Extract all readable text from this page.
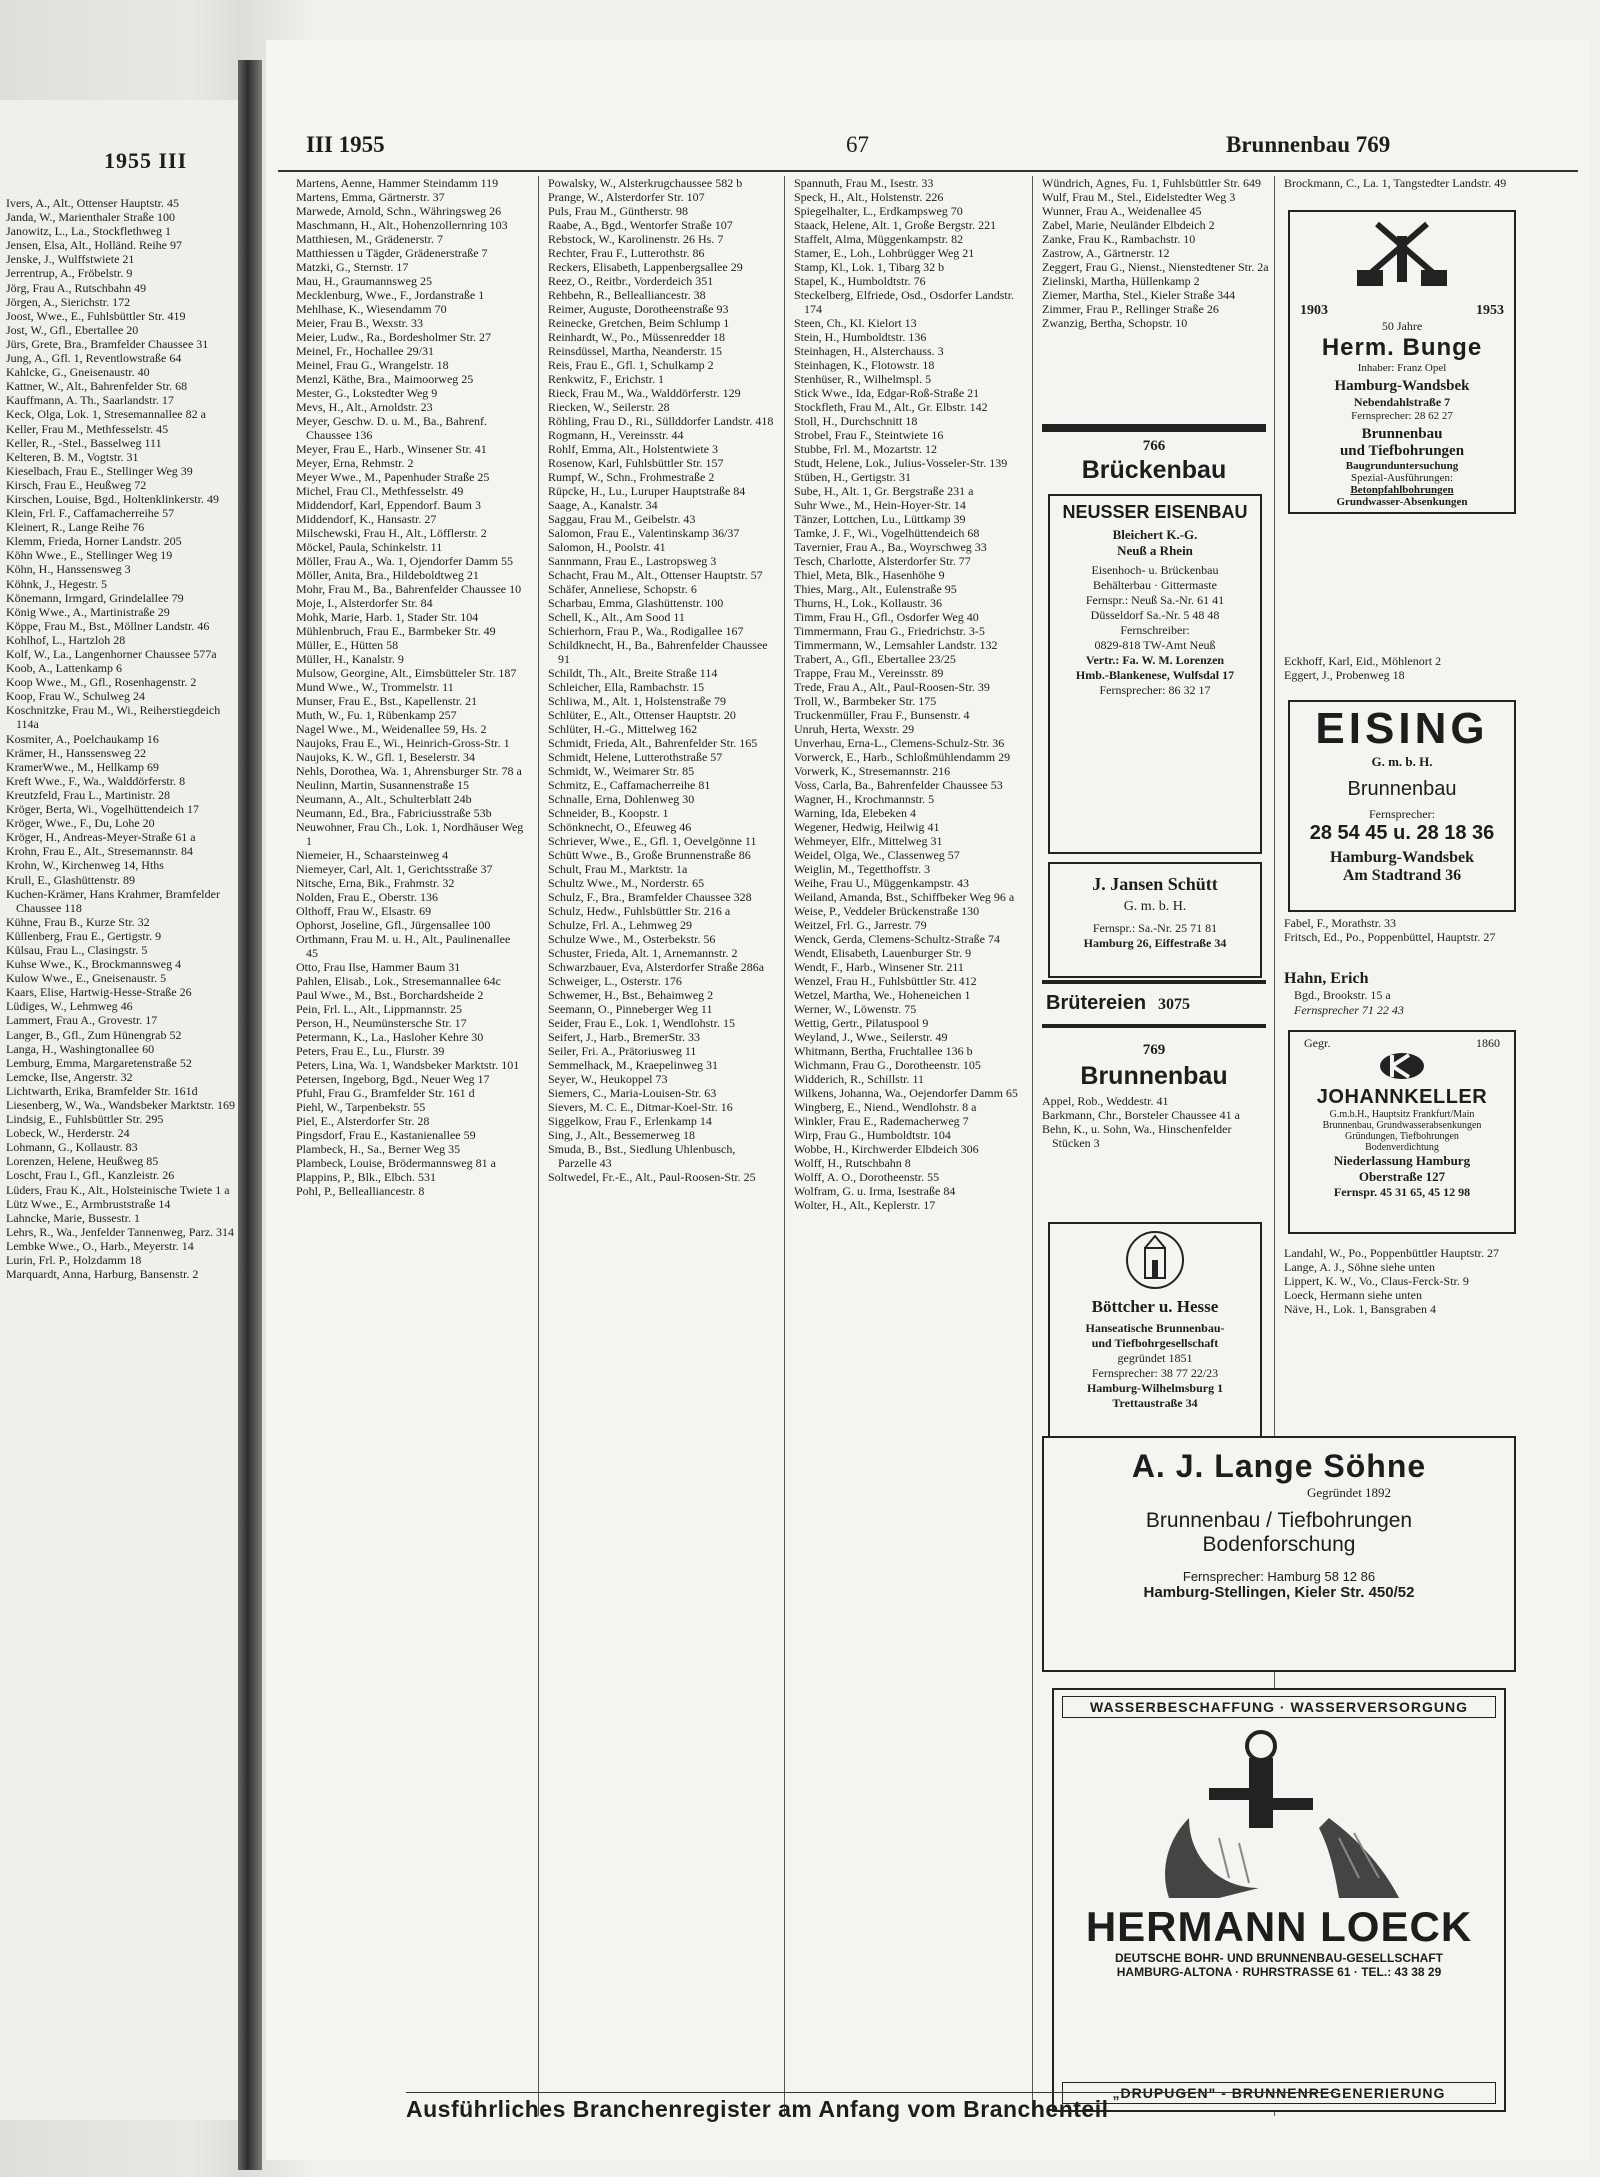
1955 III

Ivers, A., Alt., Ottenser Hauptstr. 45

Janda, W., Marienthaler Straße 100

Janowitz, L., La., Stockflethweg 1

Jensen, Elsa, Alt., Holländ. Reihe 97

Jenske, J., Wulffstwiete 21

Jerrentrup, A., Fröbelstr. 9

Jörg, Frau A., Rutschbahn 49

Jörgen, A., Sierichstr. 172

Joost, Wwe., E., Fuhlsbüttler Str. 419

Jost, W., Gfl., Ebertallee 20

Jürs, Grete, Bra., Bramfelder Chaussee 31

Jung, A., Gfl. 1, Reventlowstraße 64

Kahlcke, G., Gneisenaustr. 40

Kattner, W., Alt., Bahrenfelder Str. 68

Kauffmann, A. Th., Saarlandstr. 17

Keck, Olga, Lok. 1, Stresemannallee 82 a

Keller, Frau M., Methfesselstr. 45

Keller, R., -Stel., Basselweg 111

Kelteren, B. M., Vogtstr. 31

Kieselbach, Frau E., Stellinger Weg 39

Kirsch, Frau E., Heußweg 72

Kirschen, Louise, Bgd., Holtenklinkerstr. 49

Klein, Frl. F., Caffamacherreihe 57

Kleinert, R., Lange Reihe 76

Klemm, Frieda, Horner Landstr. 205

Köhn Wwe., E., Stellinger Weg 19

Köhn, H., Hanssensweg 3

Köhnk, J., Hegestr. 5

Könemann, Irmgard, Grindelallee 79

König Wwe., A., Martinistraße 29

Köppe, Frau M., Bst., Möllner Landstr. 46

Kohlhof, L., Hartzloh 28

Kolf, W., La., Langenhorner Chaussee 577a

Koob, A., Lattenkamp 6

Koop Wwe., M., Gfl., Rosenhagenstr. 2

Koop, Frau W., Schulweg 24

Koschnitzke, Frau M., Wi., Reiherstiegdeich 114a

Kosmiter, A., Poelchaukamp 16

Krämer, H., Hanssensweg 22

KramerWwe., M., Hellkamp 69

Kreft Wwe., F., Wa., Walddörferstr. 8

Kreutzfeld, Frau L., Martinistr. 28

Kröger, Berta, Wi., Vogelhüttendeich 17

Kröger, Wwe., F., Du, Lohe 20

Kröger, H., Andreas-Meyer-Straße 61 a

Krohn, Frau E., Alt., Stresemannstr. 84

Krohn, W., Kirchenweg 14, Hths

Krull, E., Glashüttenstr. 89

Kuchen-Krämer, Hans Krahmer, Bramfelder Chaussee 118

Kühne, Frau B., Kurze Str. 32

Küllenberg, Frau E., Gertigstr. 9

Külsau, Frau L., Clasingstr. 5

Kuhse Wwe., K., Brockmannsweg 4

Kulow Wwe., E., Gneisenaustr. 5

Kaars, Elise, Hartwig-Hesse-Straße 26

Lüdiges, W., Lehmweg 46

Lammert, Frau A., Grovestr. 17

Langer, B., Gfl., Zum Hünengrab 52

Langa, H., Washingtonallee 60

Lemburg, Emma, Margaretenstraße 52

Lemcke, Ilse, Angerstr. 32

Lichtwarth, Erika, Bramfelder Str. 161d

Liesenberg, W., Wa., Wandsbeker Marktstr. 169

Lindsig, E., Fuhlsbüttler Str. 295

Lobeck, W., Herderstr. 24

Lohmann, G., Kollaustr. 83

Lorenzen, Helene, Heußweg 85

Loscht, Frau I., Gfl., Kanzleistr. 26

Lüders, Frau K., Alt., Holsteinische Twiete 1 a

Lütz Wwe., E., Armbruststraße 14

Lahncke, Marie, Bussestr. 1

Lehrs, R., Wa., Jenfelder Tannenweg, Parz. 314

Lembke Wwe., O., Harb., Meyerstr. 14

Lurin, Frl. P., Holzdamm 18

Marquardt, Anna, Harburg, Bansenstr. 2

III 1955	67	Brunnenbau 769

Martens, Aenne, Hammer Steindamm 119

Martens, Emma, Gärtnerstr. 37

Marwede, Arnold, Schn., Währingsweg 26

Maschmann, H., Alt., Hohenzollernring 103

Matthiesen, M., Grädenerstr. 7

Matthiessen u Tägder, Grädenerstraße 7

Matzki, G., Sternstr. 17

Mau, H., Graumannsweg 25

Mecklenburg, Wwe., F., Jordanstraße 1

Mehlhase, K., Wiesendamm 70

Meier, Frau B., Wexstr. 33

Meier, Ludw., Ra., Bordesholmer Str. 27

Meinel, Fr., Hochallee 29/31

Meinel, Frau G., Wrangelstr. 18

Menzl, Käthe, Bra., Maimoorweg 25

Mester, G., Lokstedter Weg 9

Mevs, H., Alt., Arnoldstr. 23

Meyer, Geschw. D. u. M., Ba., Bahrenf. Chaussee 136

Meyer, Frau E., Harb., Winsener Str. 41

Meyer, Erna, Rehmstr. 2

Meyer Wwe., M., Papenhuder Straße 25

Michel, Frau Cl., Methfesselstr. 49

Middendorf, Karl, Eppendorf. Baum 3

Middendorf, K., Hansastr. 27

Milschewski, Frau H., Alt., Löfflerstr. 2

Möckel, Paula, Schinkelstr. 11

Möller, Frau A., Wa. 1, Ojendorfer Damm 55

Möller, Anita, Bra., Hildeboldtweg 21

Mohr, Frau M., Ba., Bahrenfelder Chaussee 10

Moje, I., Alsterdorfer Str. 84

Mohk, Marie, Harb. 1, Stader Str. 104

Mühlenbruch, Frau E., Barmbeker Str. 49

Müller, E., Hütten 58

Müller, H., Kanalstr. 9

Mulsow, Georgine, Alt., Eimsbütteler Str. 187

Mund Wwe., W., Trommelstr. 11

Munser, Frau E., Bst., Kapellenstr. 21

Muth, W., Fu. 1, Rübenkamp 257

Nagel Wwe., M., Weidenallee 59, Hs. 2

Naujoks, Frau E., Wi., Heinrich-Gross-Str. 1

Naujoks, K. W., Gfl. 1, Beselerstr. 34

Nehls, Dorothea, Wa. 1, Ahrensburger Str. 78 a

Neulinn, Martin, Susannenstraße 15

Neumann, A., Alt., Schulterblatt 24b

Neumann, Ed., Bra., Fabriciusstraße 53b

Neuwohner, Frau Ch., Lok. 1, Nordhäuser Weg 1

Niemeier, H., Schaarsteinweg 4

Niemeyer, Carl, Alt. 1, Gerichtsstraße 37

Nitsche, Erna, Bik., Frahmstr. 32

Nolden, Frau E., Oberstr. 136

Olthoff, Frau W., Elsastr. 69

Ophorst, Joseline, Gfl., Jürgensallee 100

Orthmann, Frau M. u. H., Alt., Paulinenallee 45

Otto, Frau Ilse, Hammer Baum 31

Pahlen, Elisab., Lok., Stresemannallee 64c

Paul Wwe., M., Bst., Borchardsheide 2

Pein, Frl. L., Alt., Lippmannstr. 25

Person, H., Neumünstersche Str. 17

Petermann, K., La., Hasloher Kehre 30

Peters, Frau E., Lu., Flurstr. 39

Peters, Lina, Wa. 1, Wandsbeker Marktstr. 101

Petersen, Ingeborg, Bgd., Neuer Weg 17

Pfuhl, Frau G., Bramfelder Str. 161 d

Piehl, W., Tarpenbekstr. 55

Piel, E., Alsterdorfer Str. 28

Pingsdorf, Frau E., Kastanienallee 59

Plambeck, H., Sa., Berner Weg 35

Plambeck, Louise, Brödermannsweg 81 a

Plappins, P., Blk., Elbch. 531

Pohl, P., Bellealliancestr. 8

Powalsky, W., Alsterkrugchaussee 582 b

Prange, W., Alsterdorfer Str. 107

Puls, Frau M., Güntherstr. 98

Raabe, A., Bgd., Wentorfer Straße 107

Rebstock, W., Karolinenstr. 26 Hs. 7

Rechter, Frau F., Lutterothstr. 86

Reckers, Elisabeth, Lappenbergsallee 29

Reez, O., Reitbr., Vorderdeich 351

Rehbehn, R., Bellealliancestr. 38

Reimer, Auguste, Dorotheenstraße 93

Reinecke, Gretchen, Beim Schlump 1

Reinhardt, W., Po., Müssenredder 18

Reinsdüssel, Martha, Neanderstr. 15

Reis, Frau E., Gfl. 1, Schulkamp 2

Renkwitz, F., Erichstr. 1

Rieck, Frau M., Wa., Walddörferstr. 129

Riecken, W., Seilerstr. 28

Röhling, Frau D., Ri., Süllddorfer Landstr. 418

Rogmann, H., Vereinsstr. 44

Rohlf, Emma, Alt., Holstentwiete 3

Rosenow, Karl, Fuhlsbüttler Str. 157

Rumpf, W., Schn., Frohmestraße 2

Rüpcke, H., Lu., Luruper Hauptstraße 84

Saage, A., Kanalstr. 34

Saggau, Frau M., Geibelstr. 43

Salomon, Frau E., Valentinskamp 36/37

Salomon, H., Poolstr. 41

Sannmann, Frau E., Lastropsweg 3

Schacht, Frau M., Alt., Ottenser Hauptstr. 57

Schäfer, Anneliese, Schopstr. 6

Scharbau, Emma, Glashüttenstr. 100

Schell, K., Alt., Am Sood 11

Schierhorn, Frau P., Wa., Rodigallee 167

Schildknecht, H., Ba., Bahrenfelder Chaussee 91

Schildt, Th., Alt., Breite Straße 114

Schleicher, Ella, Rambachstr. 15

Schliwa, M., Alt. 1, Holstenstraße 79

Schlüter, E., Alt., Ottenser Hauptstr. 20

Schlüter, H.-G., Mittelweg 162

Schmidt, Frieda, Alt., Bahrenfelder Str. 165

Schmidt, Helene, Lutterothstraße 57

Schmidt, W., Weimarer Str. 85

Schmitz, E., Caffamacherreihe 81

Schnalle, Erna, Dohlenweg 30

Schneider, B., Koopstr. 1

Schönknecht, O., Efeuweg 46

Schriever, Wwe., E., Gfl. 1, Oevelgönne 11

Schütt Wwe., B., Große Brunnenstraße 86

Schult, Frau M., Marktstr. 1a

Schultz Wwe., M., Norderstr. 65

Schulz, F., Bra., Bramfelder Chaussee 328

Schulz, Hedw., Fuhlsbüttler Str. 216 a

Schulze, Frl. A., Lehmweg 29

Schulze Wwe., M., Osterbekstr. 56

Schuster, Frieda, Alt. 1, Arnemannstr. 2

Schwarzbauer, Eva, Alsterdorfer Straße 286a

Schweiger, L., Osterstr. 176

Schwemer, H., Bst., Behaimweg 2

Seemann, O., Pinneberger Weg 11

Seider, Frau E., Lok. 1, Wendlohstr. 15

Seifert, J., Harb., BremerStr. 33

Seiler, Fri. A., Prätoriusweg 11

Semmelhack, M., Kraepelinweg 31

Seyer, W., Heukoppel 73

Siemers, C., Maria-Louisen-Str. 63

Sievers, M. C. E., Ditmar-Koel-Str. 16

Siggelkow, Frau F., Erlenkamp 14

Sing, J., Alt., Bessemerweg 18

Smuda, B., Bst., Siedlung Uhlenbusch, Parzelle 43

Soltwedel, Fr.-E., Alt., Paul-Roosen-Str. 25

Spannuth, Frau M., Isestr. 33

Speck, H., Alt., Holstenstr. 226

Spiegelhalter, L., Erdkampsweg 70

Staack, Helene, Alt. 1, Große Bergstr. 221

Staffelt, Alma, Müggenkampstr. 82

Stamer, E., Loh., Lohbrügger Weg 21

Stamp, Kl., Lok. 1, Tibarg 32 b

Stapel, K., Humboldtstr. 76

Steckelberg, Elfriede, Osd., Osdorfer Landstr. 174

Steen, Ch., Kl. Kielort 13

Stein, H., Humboldtstr. 136

Steinhagen, H., Alsterchauss. 3

Steinhagen, K., Flotowstr. 18

Stenhüser, R., Wilhelmspl. 5

Stick Wwe., Ida, Edgar-Roß-Straße 21

Stockfleth, Frau M., Alt., Gr. Elbstr. 142

Stoll, H., Durchschnitt 18

Strobel, Frau F., Steintwiete 16

Stubbe, Frl. M., Mozartstr. 12

Studt, Helene, Lok., Julius-Vosseler-Str. 139

Stüben, H., Gertigstr. 31

Sube, H., Alt. 1, Gr. Bergstraße 231 a

Suhr Wwe., M., Hein-Hoyer-Str. 14

Tänzer, Lottchen, Lu., Lüttkamp 39

Tamke, J. F., Wi., Vogelhüttendeich 68

Tavernier, Frau A., Ba., Woyrschweg 33

Tesch, Charlotte, Alsterdorfer Str. 77

Thiel, Meta, Blk., Hasenhöhe 9

Thies, Marg., Alt., Eulenstraße 95

Thurns, H., Lok., Kollaustr. 36

Timm, Frau H., Gfl., Osdorfer Weg 40

Timmermann, Frau G., Friedrichstr. 3-5

Timmermann, W., Lemsahler Landstr. 132

Trabert, A., Gfl., Ebertallee 23/25

Trappe, Frau M., Vereinsstr. 89

Trede, Frau A., Alt., Paul-Roosen-Str. 39

Troll, W., Barmbeker Str. 175

Truckenmüller, Frau F., Bunsenstr. 4

Unruh, Herta, Wexstr. 29

Unverhau, Erna-L., Clemens-Schulz-Str. 36

Vorwerck, E., Harb., Schloßmühlendamm 29

Vorwerk, K., Stresemannstr. 216

Voss, Carla, Ba., Bahrenfelder Chaussee 53

Wagner, H., Krochmannstr. 5

Warning, Ida, Elebeken 4

Wegener, Hedwig, Heilwig 41

Wehmeyer, Elfr., Mittelweg 31

Weidel, Olga, We., Classenweg 57

Weiglin, M., Tegetthoffstr. 3

Weihe, Frau U., Müggenkampstr. 43

Weiland, Amanda, Bst., Schiffbeker Weg 96 a

Weise, P., Veddeler Brückenstraße 130

Weitzel, Frl. G., Jarrestr. 79

Wenck, Gerda, Clemens-Schultz-Straße 74

Wendt, Elisabeth, Lauenburger Str. 9

Wendt, F., Harb., Winsener Str. 211

Wenzel, Frau H., Fuhlsbüttler Str. 412

Wetzel, Martha, We., Hoheneichen 1

Werner, W., Löwenstr. 75

Wettig, Gertr., Pilatuspool 9

Weyland, J., Wwe., Seilerstr. 49

Whitmann, Bertha, Fruchtallee 136 b

Wichmann, Frau G., Dorotheenstr. 105

Widderich, R., Schillstr. 11

Wilkens, Johanna, Wa., Oejendorfer Damm 65

Wingberg, E., Niend., Wendlohstr. 8 a

Winkler, Frau E., Rademacherweg 7

Wirp, Frau G., Humboldtstr. 104

Wobbe, H., Kirchwerder Elbdeich 306

Wolff, H., Rutschbahn 8

Wolff, A. O., Dorotheenstr. 55

Wolfram, G. u. Irma, Isestraße 84

Wolter, H., Alt., Keplerstr. 17

Wündrich, Agnes, Fu. 1, Fuhlsbüttler Str. 649

Wulf, Frau M., Stel., Eidelstedter Weg 3

Wunner, Frau A., Weidenallee 45

Zabel, Marie, Neuländer Elbdeich 2

Zanke, Frau K., Rambachstr. 10

Zastrow, A., Gärtnerstr. 12

Zeggert, Frau G., Nienst., Nienstedtener Str. 2a

Zielinski, Martha, Hüllenkamp 2

Ziemer, Martha, Stel., Kieler Straße 344

Zimmer, Frau P., Rellinger Straße 26

Zwanzig, Bertha, Schopstr. 10

766
Brückenbau
NEUSSER EISENBAU
Bleichert K.-G.
Neuß a Rhein
Eisenhoch- u. Brückenbau
Behälterbau · Gittermaste
Fernspr.: Neuß Sa.-Nr. 61 41
Düsseldorf Sa.-Nr. 5 48 48
Fernschreiber:
0829-818 TW-Amt Neuß
Vertr.: Fa. W. M. Lorenzen
Hmb.-Blankenese, Wulfsdal 17
Fernsprecher: 86 32 17
J. Jansen Schütt
G. m. b. H.
Fernspr.: Sa.-Nr. 25 71 81
Hamburg 26, Eiffestraße 34
Brütereien 3075
769
Brunnenbau

Appel, Rob., Weddestr. 41

Barkmann, Chr., Borsteler Chaussee 41 a

Behn, K., u. Sohn, Wa., Hinschenfelder Stücken 3

Böttcher u. Hesse
Hanseatische Brunnenbau-
und Tiefbohrgesellschaft
gegründet 1851
Fernsprecher: 38 77 22/23
Hamburg-Wilhelmsburg 1
Trettaustraße 34

Brockmann, C., La. 1, Tangstedter Landstr. 49

1903	1953
50 Jahre
Herm. Bunge
Inhaber: Franz Opel
Hamburg-Wandsbek
Nebendahlstraße 7
Fernsprecher: 28 62 27
Brunnenbau
und Tiefbohrungen
Baugrunduntersuchung
Spezial-Ausführungen:
Betonpfahlbohrungen
Grundwasser-Absenkungen

Eckhoff, Karl, Eid., Möhlenort 2

Eggert, J., Probenweg 18

EISING
G. m. b. H.
Brunnenbau
Fernsprecher:
28 54 45 u. 28 18 36
Hamburg-Wandsbek
Am Stadtrand 36

Fabel, F., Morathstr. 33

Fritsch, Ed., Po., Poppenbüttel, Hauptstr. 27

Hahn, Erich
Bgd., Brookstr. 15 a
Fernsprecher 71 22 43
Gegr.	1860
JOHANNKELLER
G.m.b.H., Hauptsitz Frankfurt/Main
Brunnenbau, Grundwasserabsenkungen
Gründungen, Tiefbohrungen
Bodenverdichtung
Niederlassung Hamburg
Oberstraße 127
Fernspr. 45 31 65, 45 12 98

Landahl, W., Po., Poppenbüttler Hauptstr. 27

Lange, A. J., Söhne siehe unten

Lippert, K. W., Vo., Claus-Ferck-Str. 9

Loeck, Hermann siehe unten

Näve, H., Lok. 1, Bansgraben 4

A. J. Lange Söhne
Gegründet 1892
Brunnenbau / Tiefbohrungen
Bodenforschung
Fernsprecher: Hamburg 58 12 86
Hamburg-Stellingen, Kieler Str. 450/52
WASSERBESCHAFFUNG · WASSERVERSORGUNG
HERMANN LOECK
DEUTSCHE BOHR- UND BRUNNENBAU-GESELLSCHAFT
HAMBURG-ALTONA · RUHRSTRASSE 61 · TEL.: 43 38 29
„DRUPUGEN" - BRUNNENREGENERIERUNG
Ausführliches Branchenregister am Anfang vom Branchenteil
